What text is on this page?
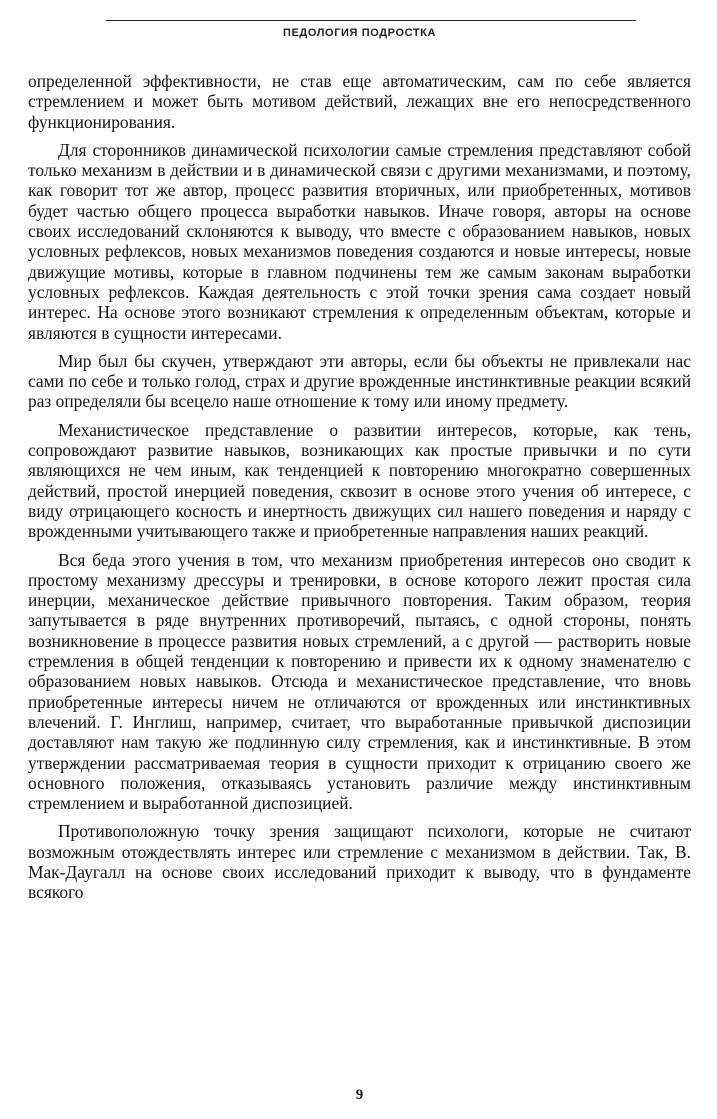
ПЕДОЛОГИЯ ПОДРОСТКА

определенной эффективности, не став еще автоматическим, сам по себе является стремлением и может быть мотивом действий, лежащих вне его непосредственного функционирования.

Для сторонников динамической психологии самые стремления представляют собой только механизм в действии и в динамической связи с другими механизмами, и поэтому, как говорит тот же автор, процесс развития вторичных, или приобретенных, мотивов будет частью общего процесса выработки навыков. Иначе говоря, авторы на основе своих исследований склоняются к выводу, что вместе с образованием навыков, новых условных рефлексов, новых механизмов поведения создаются и новые интересы, новые движущие мотивы, которые в главном подчинены тем же самым законам выработки условных рефлексов. Каждая деятельность с этой точки зрения сама создает новый интерес. На основе этого возникают стремления к определенным объектам, которые и являются в сущности интересами.

Мир был бы скучен, утверждают эти авторы, если бы объекты не привлекали нас сами по себе и только голод, страх и другие врожденные инстинктивные реакции всякий раз определяли бы всецело наше отношение к тому или иному предмету.

Механистическое представление о развитии интересов, которые, как тень, сопровождают развитие навыков, возникающих как простые привычки и по сути являющихся не чем иным, как тенденцией к повторению многократно совершенных действий, простой инерцией поведения, сквозит в основе этого учения об интересе, с виду отрицающего косность и инертность движущих сил нашего поведения и наряду с врожденными учитывающего также и приобретенные направления наших реакций.

Вся беда этого учения в том, что механизм приобретения интересов оно сводит к простому механизму дрессуры и тренировки, в основе которого лежит простая сила инерции, механическое действие привычного повторения. Таким образом, теория запутывается в ряде внутренних противоречий, пытаясь, с одной стороны, понять возникновение в процессе развития новых стремлений, а с другой — растворить новые стремления в общей тенденции к повторению и привести их к одному знаменателю с образованием новых навыков. Отсюда и механистическое представление, что вновь приобретенные интересы ничем не отличаются от врожденных или инстинктивных влечений. Г. Инглиш, например, считает, что выработанные привычкой диспозиции доставляют нам такую же подлинную силу стремления, как и инстинктивные. В этом утверждении рассматриваемая теория в сущности приходит к отрицанию своего же основного положения, отказываясь установить различие между инстинктивным стремлением и выработанной диспозицией.

Противоположную точку зрения защищают психологи, которые не считают возможным отождествлять интерес или стремление с механизмом в действии. Так, В. Мак-Даугалл на основе своих исследований приходит к выводу, что в фундаменте всякого

9
